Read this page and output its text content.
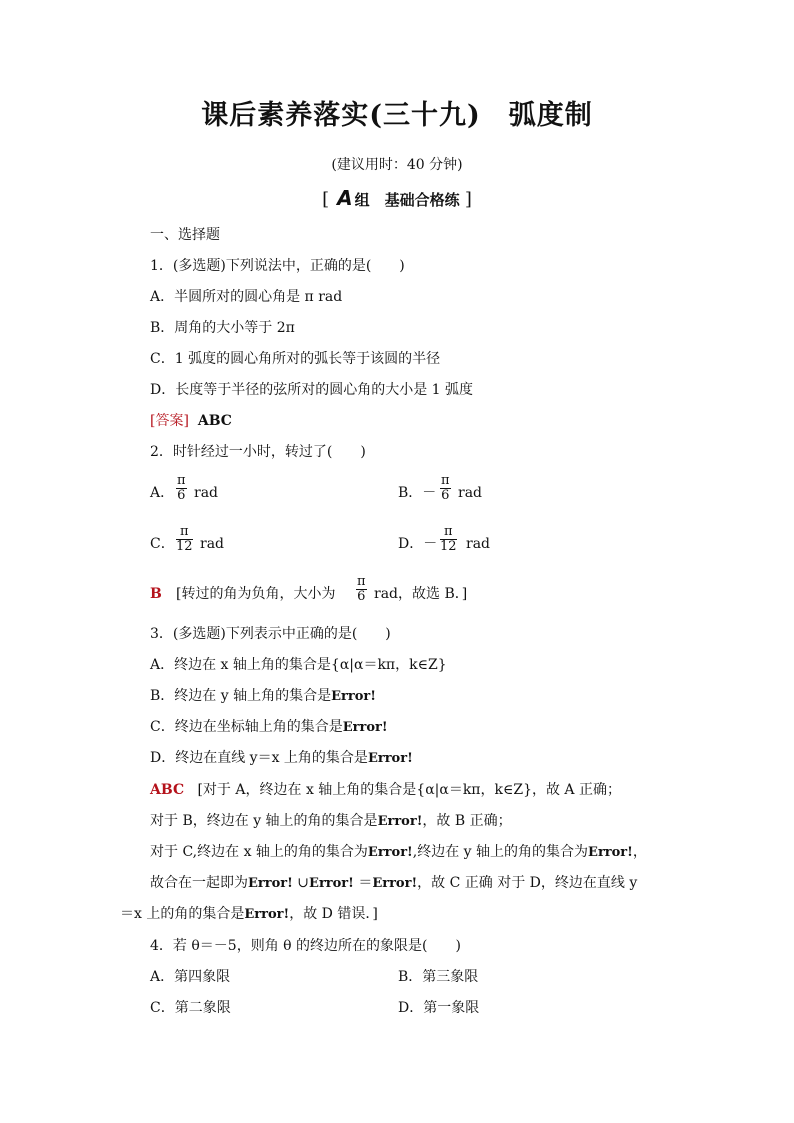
课后素养落实(三十九)　弧度制
(建议用时：40 分钟)
[ A 组　基础合格练 ]
一、选择题
1．(多选题)下列说法中，正确的是(　　)
A．半圆所对的圆心角是 π rad
B．周角的大小等于 2π
C．1 弧度的圆心角所对的弧长等于该圆的半径
D．长度等于半径的弦所对的圆心角的大小是 1 弧度
[答案] ABC
2．时针经过一小时，转过了(　　)
A． $\frac{\pi}{6}$ rad	B．－ $\frac{\pi}{6}$ rad
C． $\frac{\pi}{12}$ rad	D．－ $\frac{\pi}{12}$ rad
B [转过的角为负角，大小为 $\frac{\pi}{6}$ rad，故选 B．]
3．(多选题)下列表示中正确的是(　　)
A．终边在 x 轴上角的集合是{α|α＝kπ，k∈Z}
B．终边在 y 轴上角的集合是Error!
C．终边在坐标轴上角的集合是Error!
D．终边在直线 y＝x 上角的集合是Error!
ABC [对于 A，终边在 x 轴上角的集合是{α|α＝kπ，k∈Z}，故 A 正确；
对于 B，终边在 y 轴上的角的集合是Error!，故 B 正确；
对于 C,终边在 x 轴上的角的集合为Error!,终边在 y 轴上的角的集合为Error!，
故合在一起即为Error! ∪Error! ＝Error!，故 C 正确 对于 D，终边在直线 y
＝x 上的角的集合是Error!，故 D 错误．]
4．若 θ＝－5，则角 θ 的终边所在的象限是(　　)
A．第四象限	B．第三象限
C．第二象限	D．第一象限
